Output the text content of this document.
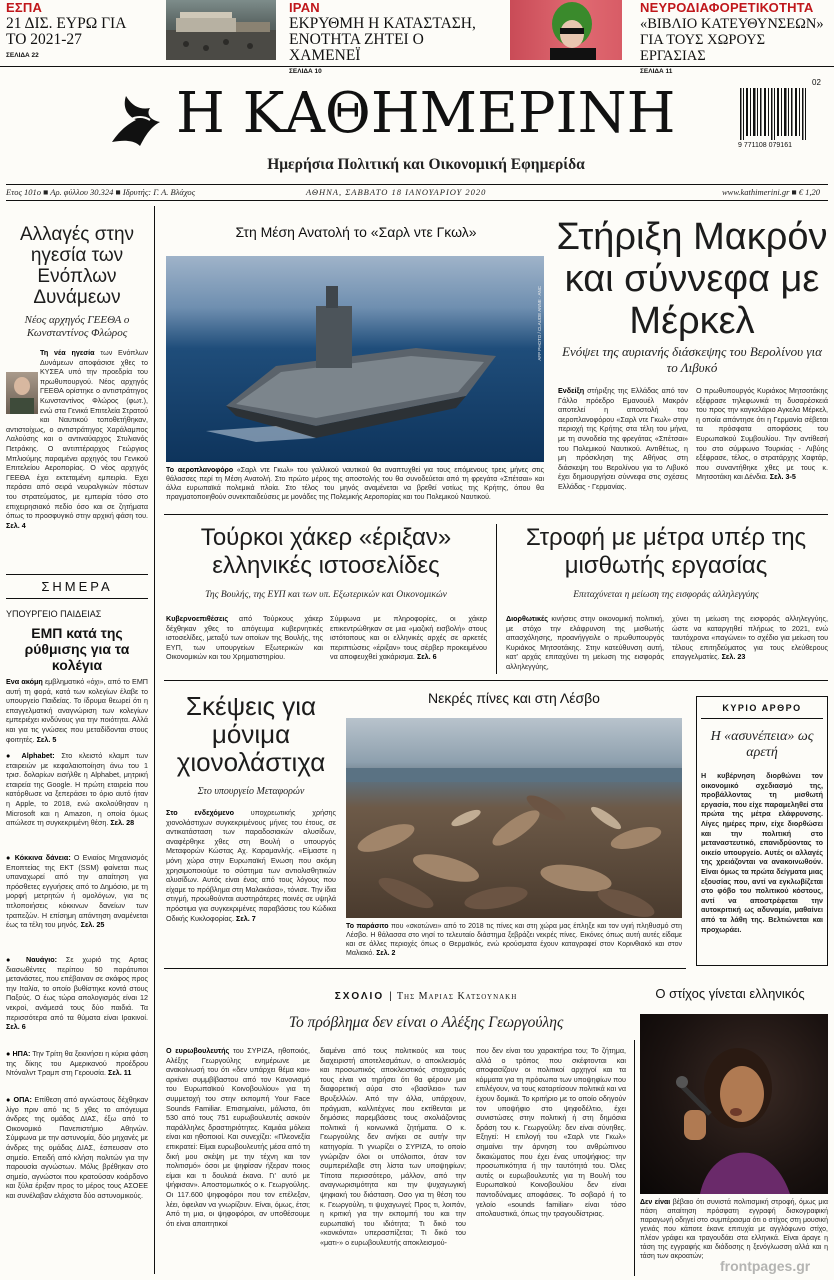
ΕΣΠΑ
21 ΔΙΣ. ΕΥΡΩ ΓΙΑ ΤΟ 2021-27
ΣΕΛΙΔΑ 22
ΙΡΑΝ
ΕΚΡΥΘΜΗ Η ΚΑΤΑΣΤΑΣΗ, ΕΝΟΤΗΤΑ ΖΗΤΕΙ Ο ΧΑΜΕΝΕΪ
ΣΕΛΙΔΑ 10
ΝΕΥΡΟΔΙΑΦΟΡΕΤΙΚΟΤΗΤΑ
«ΒΙΒΛΙΟ ΚΑΤΕΥΘΥΝΣΕΩΝ» ΓΙΑ ΤΟΥΣ ΧΩΡΟΥΣ ΕΡΓΑΣΙΑΣ
ΣΕΛΙΔΑ 11
Η ΚΑΘΗΜΕΡΙΝΗ
Ημερήσια Πολιτική και Οικονομική Εφημερίδα
02
9 771108 079161
Ετος 101ο ■ Αρ. φύλλου 30.324 ■ Ιδρυτής: Γ. Α. Βλάχος	ΑΘΗΝΑ, ΣΑΒΒΑΤΟ 18 ΙΑΝΟΥΑΡΙΟΥ 2020	www.kathimerini.gr ■ € 1,20
Αλλαγές στην ηγεσία των Ενόπλων Δυνάμεων
Νέος αρχηγός ΓΕΕΘΑ ο Κωνσταντίνος Φλώρος
Τη νέα ηγεσία των Ενόπλων Δυνάμεων αποφάσισε χθες το ΚΥΣΕΑ υπό την προεδρία του πρωθυπουργού. Νέος αρχηγός ΓΕΕΘΑ ορίστηκε ο αντιστράτηγος Κωνσταντίνος Φλώρος (φωτ.), ενώ στα Γενικά Επιτελεία Στρατού και Ναυτικού τοποθετήθηκαν, αντιστοίχως, ο αντιστράτηγος Χαράλαμπος Λαλούσης και ο αντιναύαρχος Στυλιανός Πετράκης. Ο αντιπτέραρχος Γεώργιος Μπλιούμης παραμένει αρχηγός του Γενικού Επιτελείου Αεροπορίας. Ο νέος αρχηγός ΓΕΕΘΑ έχει εκτεταμένη εμπειρία. Εχει περάσει από σειρά νευραλγικών πόστων του στρατεύματος, με εμπειρία τόσο στο επιχειρησιακό πεδίο όσο και σε ζητήματα όπως το προσφυγικό στην αρχική φάση του. Σελ. 4
ΣΗΜΕΡΑ
ΥΠΟΥΡΓΕΙΟ ΠΑΙΔΕΙΑΣ
ΕΜΠ κατά της ρύθμισης για τα κολέγια
Ενα ακόμη εμβληματικό «όχι», από το ΕΜΠ αυτή τη φορά, κατά των κολεγίων έλαβε το υπουργείο Παιδείας. Το ίδρυμα θεωρεί ότι η επαγγελματική αναγνώριση των κολεγίων εμπεριέχει κινδύνους για την ποιότητα. Αλλά και για τις γνώσεις που μεταδίδονται στους φοιτητές. Σελ. 5
● Alphabet: Στο κλειστό κλαμπ των εταιρειών με κεφαλαιοποίηση άνω του 1 τρισ. δολαρίων εισήλθε η Alphabet, μητρική εταιρεία της Google. Η πρώτη εταιρεία που κατόρθωσε να ξεπεράσει το όριο αυτό ήταν η Apple, το 2018, ενώ ακολούθησαν η Microsoft και η Amazon, η οποία όμως απώλεσε τη συγκεκριμένη θέση. Σελ. 28
● Κόκκινα δάνεια: Ο Ενιαίος Μηχανισμός Εποπτείας της ΕΚΤ (SSM) φαίνεται πως υπαναχωρεί από την απαίτηση για πρόσθετες εγγυήσεις από το Δημόσιο, με τη μορφή μετρητών ή ομολόγων, για τις τιτλοποιήσεις κόκκινων δανείων των τραπεζών. Η επίσημη απάντηση αναμένεται έως τα τέλη του μηνός. Σελ. 25
● Ναυάγιο: Σε χωριό της Αρτας διασωθέντες περίπου 50 παράτυποι μετανάστες, που επέβαιναν σε σκάφος προς την Ιταλία, το οποίο βυθίστηκε κοντά στους Παξούς. Ο έως τώρα απολογισμός είναι 12 νεκροί, ανάμεσά τους δύο παιδιά. Τα περισσότερα από τα θύματα είναι Ιρακινοί. Σελ. 6
● ΗΠΑ: Την Τρίτη θα ξεκινήσει η κύρια φάση της δίκης του Αμερικανού προέδρου Ντόναλντ Τραμπ στη Γερουσία. Σελ. 11
● ΟΠΑ: Επίθεση από αγνώστους δέχθηκαν λίγο πριν από τις 5 χθες το απόγευμα άνδρες της ομάδας ΔΙΑΣ, έξω από το Οικονομικό Πανεπιστήμιο Αθηνών. Σύμφωνα με την αστυνομία, δύο μηχανές με άνδρες της ομάδας ΔΙΑΣ, έσπευσαν στο σημείο. Επειδή από κλήση πολιτών για την παρουσία αγνώστων. Μόλις βρέθηκαν στο σημείο, αγνώστοι που κρατούσαν κοάρδονο και ξύλα έριξαν προς το μέρος τους ΑΣΟΕΕ και συνέλαβαν ελάχιστα δύο αστυνομικούς.
Στη Μέση Ανατολή το «Σαρλ ντε Γκωλ»
AFP PHOTO / CLAUDE ANNE · ANC
Το αεροπλανοφόρο «Σαρλ ντε Γκωλ» του γαλλικού ναυτικού θα αναπτυχθεί για τους επόμενους τρεις μήνες στις θάλασσες περί τη Μέση Ανατολή. Στο πρώτο μέρος της αποστολής του θα συνοδεύεται από τη φρεγάτα «Σπέτσαι» και άλλα ευρωπαϊκά πολεμικά πλοία. Στο τέλος του μηνός αναμένεται να βρεθεί νοτίως της Κρήτης, όπου θα πραγματοποιηθούν συνεκπαιδεύσεις με μονάδες της Πολεμικής Αεροπορίας και του Πολεμικού Ναυτικού.
Στήριξη Μακρόν και σύννεφα με Μέρκελ
Ενόψει της αυριανής διάσκεψης του Βερολίνου για το Λιβυκό
Ενδείξη στήριξης της Ελλάδας από τον Γάλλο πρόεδρο Εμανουέλ Μακρόν αποτελεί η αποστολή του αεροπλανοφόρου «Σαρλ ντε Γκωλ» στην περιοχή της Κρήτης στα τέλη του μήνα, με τη συνοδεία της φρεγάτας «Σπέτσαι» του Πολεμικού Ναυτικού. Αντιθέτως, η μη πρόσκληση της Αθήνας στη διάσκεψη του Βερολίνου για το Λιβυκό έχει δημιουργήσει σύννεφα στις σχέσεις Ελλάδας - Γερμανίας.
Ο πρωθυπουργός Κυριάκος Μητσοτάκης εξέφρασε τηλεφωνικά τη δυσαρέσκειά του προς την καγκελάριο Αγκελα Μέρκελ, η οποία απάντησε ότι η Γερμανία σέβεται τα πρόσφατα αποφάσεις του Ευρωπαϊκού Συμβουλίου. Την αντίθεσή του στο σύμφωνο Τουρκίας - Λιβύης εξέφρασε, τέλος, ο στρατάρχης Χαφτάρ, που συναντήθηκε χθες με τους κ. Μητσοτάκη και Δένδια. Σελ. 3-5
Τούρκοι χάκερ «έριξαν» ελληνικές ιστοσελίδες
Της Βουλής, της ΕΥΠ και των υπ. Εξωτερικών και Οικονομικών
Κυβερνοεπιθέσεις από Τούρκους χάκερ δέχθηκαν χθες το απόγευμα κυβερνητικές ιστοσελίδες, μεταξύ των οποίων της Βουλής, της ΕΥΠ, των υπουργείων Εξωτερικών και Οικονομικών και του Χρηματιστηρίου.
Σύμφωνα με πληροφορίες, οι χάκερ επικεντρώθηκαν σε μια «μαζική εισβολή» στους ιστότοπους και οι ελληνικές αρχές σε αρκετές περιπτώσεις «έριξαν» τους σέρβερ προκειμένου να αποφευχθεί χακάρισμα. Σελ. 6
Στροφή με μέτρα υπέρ της μισθωτής εργασίας
Επιταχύνεται η μείωση της εισφοράς αλληλεγγύης
Διορθωτικές κινήσεις στην οικονομική πολιτική, με στόχο την ελάφρυνση της μισθωτής απασχόλησης, προανήγγειλε ο πρωθυπουργός Κυριάκος Μητσοτάκης. Στην κατεύθυνση αυτή, κατ' αρχάς επιταχύνει τη μείωση της εισφοράς αλληλεγγύης,
χύνει τη μείωση της εισφοράς αλληλεγγύης, ώστε να καταργηθεί πλήρως το 2021, ενώ ταυτόχρονα «παγώνει» το σχέδιο για μείωση του τέλους επιτηδεύματος για τους ελεύθερους επαγγελματίες. Σελ. 23
Σκέψεις για μόνιμα χιονολάστιχα
Στο υπουργείο Μεταφορών
Στο ενδεχόμενο υποχρεωτικής χρήσης χιονολάστιχων συγκεκριμένους μήνες του έτους, σε αντικατάσταση των παραδοσιακών αλυσίδων, αναφέρθηκε χθες στη Βουλή ο υπουργός Μεταφορών Κώστας Αχ. Καραμανλής. «Είμαστε η μόνη χώρα στην Ευρωπαϊκή Ενωση που ακόμη χρησιμοποιούμε το σύστημα των αντιολισθητικών αλυσίδων. Αυτός είναι ένας από τους λόγους που είχαμε το πρόβλημα στη Μαλακάσα», τόνισε. Την ίδια στιγμή, προωθούνται αυστηρότερες ποινές σε υψηλά πρόστιμα για συγκεκριμένες παραβάσεις του Κώδικα Οδικής Κυκλοφορίας. Σελ. 7
Νεκρές πίνες και στη Λέσβο
Το παράσιτο που «σκοτώνει» από το 2018 τις πίνες και στη χώρα μας έπληξε και τον υγιή πληθυσμό στη Λέσβο. Η θάλασσα στο νησί το τελευταίο διάστημα ξεβράζει νεκρές πίνες. Εικόνες όπως αυτή αυτές είδαμε και σε άλλες περιοχές όπως ο Θερμαϊκός, ενώ κρούσματα έχουν καταγραφεί στον Κορινθιακό και στον Μαλιακό. Σελ. 2
ΚΥΡΙΟ ΑΡΘΡΟ
Η «ασυνέπεια» ως αρετή
Η κυβέρνηση διορθώνει τον οικονομικό σχεδιασμό της, προβάλλοντας τη μισθωτή εργασία, που είχε παραμεληθεί στα πρώτα της μέτρα ελάφρυνσης. Λίγες ημέρες πριν, είχε διορθώσει και την πολιτική στο μεταναστευτικό, επανιδρύοντας το οικείο υπουργείο. Αυτές οι αλλαγές της χρειάζονται να ανακοινωθούν. Είναι όμως τα πρώτα δείγματα μιας εξουσίας που, αντί να εγκλωβίζεται στο φόβο του πολιτικού κόστους, αντί να αποστρέφεται την αυτοκριτική ως αδυναμία, μαθαίνει από τα λάθη της. Βελτιώνεται και προχωράει.
ΣΧΟΛΙΟ | Της Μαριας Κατσουνακη
Το πρόβλημα δεν είναι ο Αλέξης Γεωργούλης
Ο ευρωβουλευτής του ΣΥΡΙΖΑ, ηθοποιός, Αλέξης Γεωργούλης ενημέρωνε με ανακοίνωσή του ότι «δεν υπάρχει θέμα και» αρκίνει συμμβίβαστου από τον Κανονισμό του Ευρωπαϊκού Κοινοβουλίου» για τη συμμετοχή του στην εκπομπή Your Face Sounds Familiar. Επισημαίνει, μάλιστα, ότι 530 από τους 751 ευρωβουλευτές ασκούν παράλληλες δραστηριότητες. Καμιάα μόλεια είναι και ηθοποιοί. Και συνεχίζει: «Πλεονεξία επικρατεί: Είμαι ευρωβουλευτής μέσα από τη δική μου σκέψη με την τέχνη και τον πολιτισμό» όσοι με ψηφίσαν ήξεραν ποιος είμαι και τι δουλειά έκανα. Γι' αυτό με ψήφισαν». Αποστομωτικός ο κ. Γεωργούλης. Οι 117.600 ψηφοφόροι που τον επέλεξαν, λέει, όφειλαν να γνωρίζουν. Είναι, όμως, έτσι; Από τη μια, οι ψηφοφόροι, αν υποθέσουμε ότι είναι απαιτητικοί
διαμένει από τους πολιτικούς και τους διαχειριστή αποτελεσμάτων, ο αποκλεισμός και προσωπικός αποκλειστικός στοχασμός τους είναι να τηρήσει ότι θα φέρουν μια διαφορετική αύρα στο «βασίλειο» των Βρυξελλών. Από την άλλα, υπάρχουν, πράγματι, καλλιτέχνες που εκτίθενται με δημόσιες παρεμβάσεις τους σκολιάζοντας πολιτικά ή κοινωνικά ζητήματα. Ο κ. Γεωργούλης δεν ανήκει σε αυτήν την κατηγορία. Τι γνωρίζει ο ΣΥΡΙΖΑ, το οποίο γνώριζαν όλοι οι υπόλοιποι, όταν τον συμπεριέλαβε στη λίστα των υποψηφίων; Τίποτα περισσότερο, μάλλον, από την αναγνωρισιμότητα και την ψυχαγωγική ψηφιακή του διάσταση. Οσο για τη θέση του κ. Γεωργούλη, τι ψυχαγωγεί; Προς τι, λοιπόν, η κριτική για την εκπομπή του και την ευρωπαϊκή του ιδιότητα; Τι δικό του «κονκόντα» υπερασπίζεται; Τι δικό του «ματι-» ο ευρωβουλευτής αποκλεισμού-
που δεν είναι του χαρακτήρα του; Το ζήτημα, αλλά ο τρόπος που σκέφτονται και αποφασίζουν οι πολιτικοί αρχηγοί και τα κόμματα για τη πρόσωπα των υποψηφίων που επιλέγουν, να τους καταρτίσουν πολιτικά και να έχουν δομικά. Το κριτήριο με το οποίο οδηγούν τον υποψήφιο στο ψηφοδέλτιο, έχει συνιστώσες στην πολιτική ή στη δημόσια δράση του κ. Γεωργούλη: δεν είναι σύνηθες. Εξηγεί: Η επιλογή του «Σαρλ ντε Γκωλ» σημαίνει την άρνηση του ανθρώπινου δικαιώματος που έχει ένας υποψήφιος: την προσωπικότητα ή την ταυτότητά του. Όλες αυτές οι ευρωβουλευτές για τη Βουλή του Ευρωπαϊκού Κοινοβουλίου δεν είναι παντοδύναμες αποφάσεις. Το σοβαρό ή το γελοίο «sounds familiar» είναι τόσο απολαυστικά, όπως την τραγουδίστριας.
Ο στίχος γίνεται ελληνικός
Δεν είναι βέβαιο ότι συνιστά πολιτισμική στροφή, όμως μια πάση απαίτηση πρόσφατη εγγραφή δισκογραφική παραγωγή οδηγεί στο συμπέρασμα ότι ο στίχος στη μουσική γενιάς που κάποτε έκανε επιτυχία με αγγλόφωνο στίχο, πλέον γράφει και τραγουδάει στα ελληνικά. Είναι άραγε η τάση της εγγραφής και διάδοσης η ξενόγλωσση αλλά και η τάση των ακροατών;
frontpages.gr
